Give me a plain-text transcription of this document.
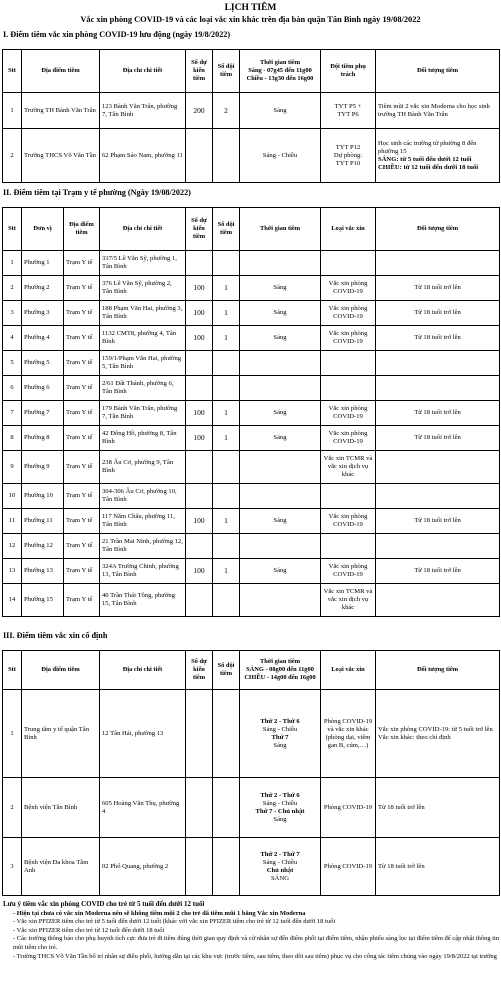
LỊCH TIÊM
Vắc xin phòng COVID-19 và các loại vắc xin khác trên địa bàn quận Tân Bình ngày 19/08/2022
I. Điểm tiêm vắc xin phòng COVID-19 lưu động (ngày 19/8/2022)
Stt	Địa điểm tiêm	Địa chỉ chi tiết	Số dự kiến tiêm	Số đội tiêm	Thời gian tiêm
Sáng - 07g45 đến 11g00
Chiều - 13g30 đến 16g00	Đội tiêm phụ trách	Đối tượng tiêm
1	Trường TH Bành Văn Trân	123 Bành Văn Trân, phường 7, Tân Bình	200	2	Sáng	TYT P5 +
TYT P6	Tiêm mũi 2 vắc xin Moderna cho học sinh trường TH Bành Văn Trân
2	Trường THCS Võ Văn Tần	62 Phạm Sáo Nam, phường 11			Sáng - Chiều	TYT P12
Dự phòng:
TYT P10	Học sinh các trường từ phường 8 đến phường 15
SÁNG: từ 5 tuổi đến dưới 12 tuổi
CHIỀU: từ 12 tuổi đến dưới 18 tuổi
II. Điểm tiêm tại Trạm y tế phường (Ngày 19/08/2022)
Stt	Đơn vị	Địa điểm tiêm	Địa chỉ chi tiết	Số dự kiến tiêm	Số đội tiêm	Thời gian tiêm	Loại vắc xin	Đối tượng tiêm
1	Phường 1	Trạm Y tế	337/5 Lê Văn Sỹ, phường 1, Tân Bình					
2	Phường 2	Trạm Y tế	376 Lê Văn Sỹ, phường 2, Tân Bình	100	1	Sáng	Vắc xin phòng COVID-19	Từ 18 tuổi trở lên
3	Phường 3	Trạm Y tế	188 Phạm Văn Hai, phường 3, Tân Bình	100	1	Sáng	Vắc xin phòng COVID-19	Từ 18 tuổi trở lên
4	Phường 4	Trạm Y tế	1132 CMT8, phường 4, Tân Bình	100	1	Sáng	Vắc xin phòng COVID-19	Từ 18 tuổi trở lên
5	Phường 5	Trạm Y tế	159/1/Phạm Văn Hai, phường 5, Tân Bình					
6	Phường 6	Trạm Y tế	2/61 Đất Thánh, phường 6, Tân Bình					
7	Phường 7	Trạm Y tế	179 Bành Văn Trân, phường 7, Tân Bình	100	1	Sáng	Vắc xin phòng COVID-19	Từ 18 tuổi trở lên
8	Phường 8	Trạm Y tế	42 Đông Hồ, phường 8, Tân Bình	100	1	Sáng	Vắc xin phòng COVID-19	Từ 18 tuổi trở lên
9	Phường 9	Trạm Y tế	238 Âu Cơ, phường 9, Tân Bình				Vắc xin TCMR và vắc xin dịch vụ khác	
10	Phường 10	Trạm Y tế	304-306 Âu Cơ, phường 10, Tân Bình					
11	Phường 11	Trạm Y tế	117 Năm Châu, phường 11, Tân Bình	100	1	Sáng	Vắc xin phòng COVID-19	Từ 18 tuổi trở lên
12	Phường 12	Trạm Y tế	21 Trần Mai Ninh, phường 12, Tân Bình					
13	Phường 13	Trạm Y tế	324A Trường Chinh, phường 13, Tân Bình	100	1	Sáng	Vắc xin phòng COVID-19	Từ 18 tuổi trở lên
14	Phường 15	Trạm Y tế	40 Trần Thái Tông, phường 15, Tân Bình				Vắc xin TCMR và vắc xin dịch vụ khác	
III. Điểm tiêm vắc xin cố định
Stt	Địa điểm tiêm	Địa chỉ chi tiết	Số dự kiến tiêm	Số đội tiêm	Thời gian tiêm
SÁNG - 08g00 đến 11g00
CHIỀU - 14g00 đến 16g00	Loại vắc xin	Đối tượng tiêm
1	Trung tâm y tế quận Tân Bình	12 Tân Hải, phường 13			Thứ 2 - Thứ 6
Sáng - Chiều
Thứ 7
Sáng	Phòng COVID-19 và vắc xin khác (phòng dại, viêm gan B, cúm,…)	Vắc xin phòng COVID-19: từ 5 tuổi trở lên
Vắc xin khác: theo chỉ định

2	Bệnh viện Tân Bình	605 Hoàng Văn Thụ, phường 4			Thứ 2 - Thứ 6
Sáng - Chiều
Thứ 7 - Chủ nhật
Sáng	Phòng COVID-19	Từ 18 tuổi trở lên

3	Bệnh viện Đa khoa Tâm Anh	02 Phổ Quang, phường 2			Thứ 2 - Thứ 7
Sáng - Chiều
Chủ nhật
SÁNG	Phòng COVID-19	Từ 18 tuổi trở lên
Lưu ý tiêm vắc xin phòng COVID cho trẻ từ 5 tuổi đến dưới 12 tuổi
- Hiện tại chưa có vắc xin Moderna nên sẽ không tiêm mũi 2 cho trẻ đã tiêm mũi 1 bằng Vắc xin Moderna
- Vắc xin PFIZER tiêm cho trẻ từ 5 tuổi đến dưới 12 tuổi (khác với vắc xin PFIZER tiêm cho trẻ từ 12 tuổi đến dưới 18 tuổi
- Vắc xin PFIZER tiêm cho trẻ từ 12 tuổi đến dưới 18 tuổi
- Các trường thông báo cho phụ huynh tích cực đưa trẻ đi tiêm đúng thời gian quy định và cử nhân sự đến điểm phối tại điểm tiêm, nhận phiếu sàng lọc tại điểm tiêm để cập nhật thông tin mũi tiêm cho trẻ.
- Trường THCS Võ Văn Tần bố trí nhân sự điều phối, hướng dẫn tại các khu vực (trước tiêm, sau tiêm, theo dõi sau tiêm) phục vụ cho công tác tiêm chủng vào ngày 19/8/2022 tại trường
